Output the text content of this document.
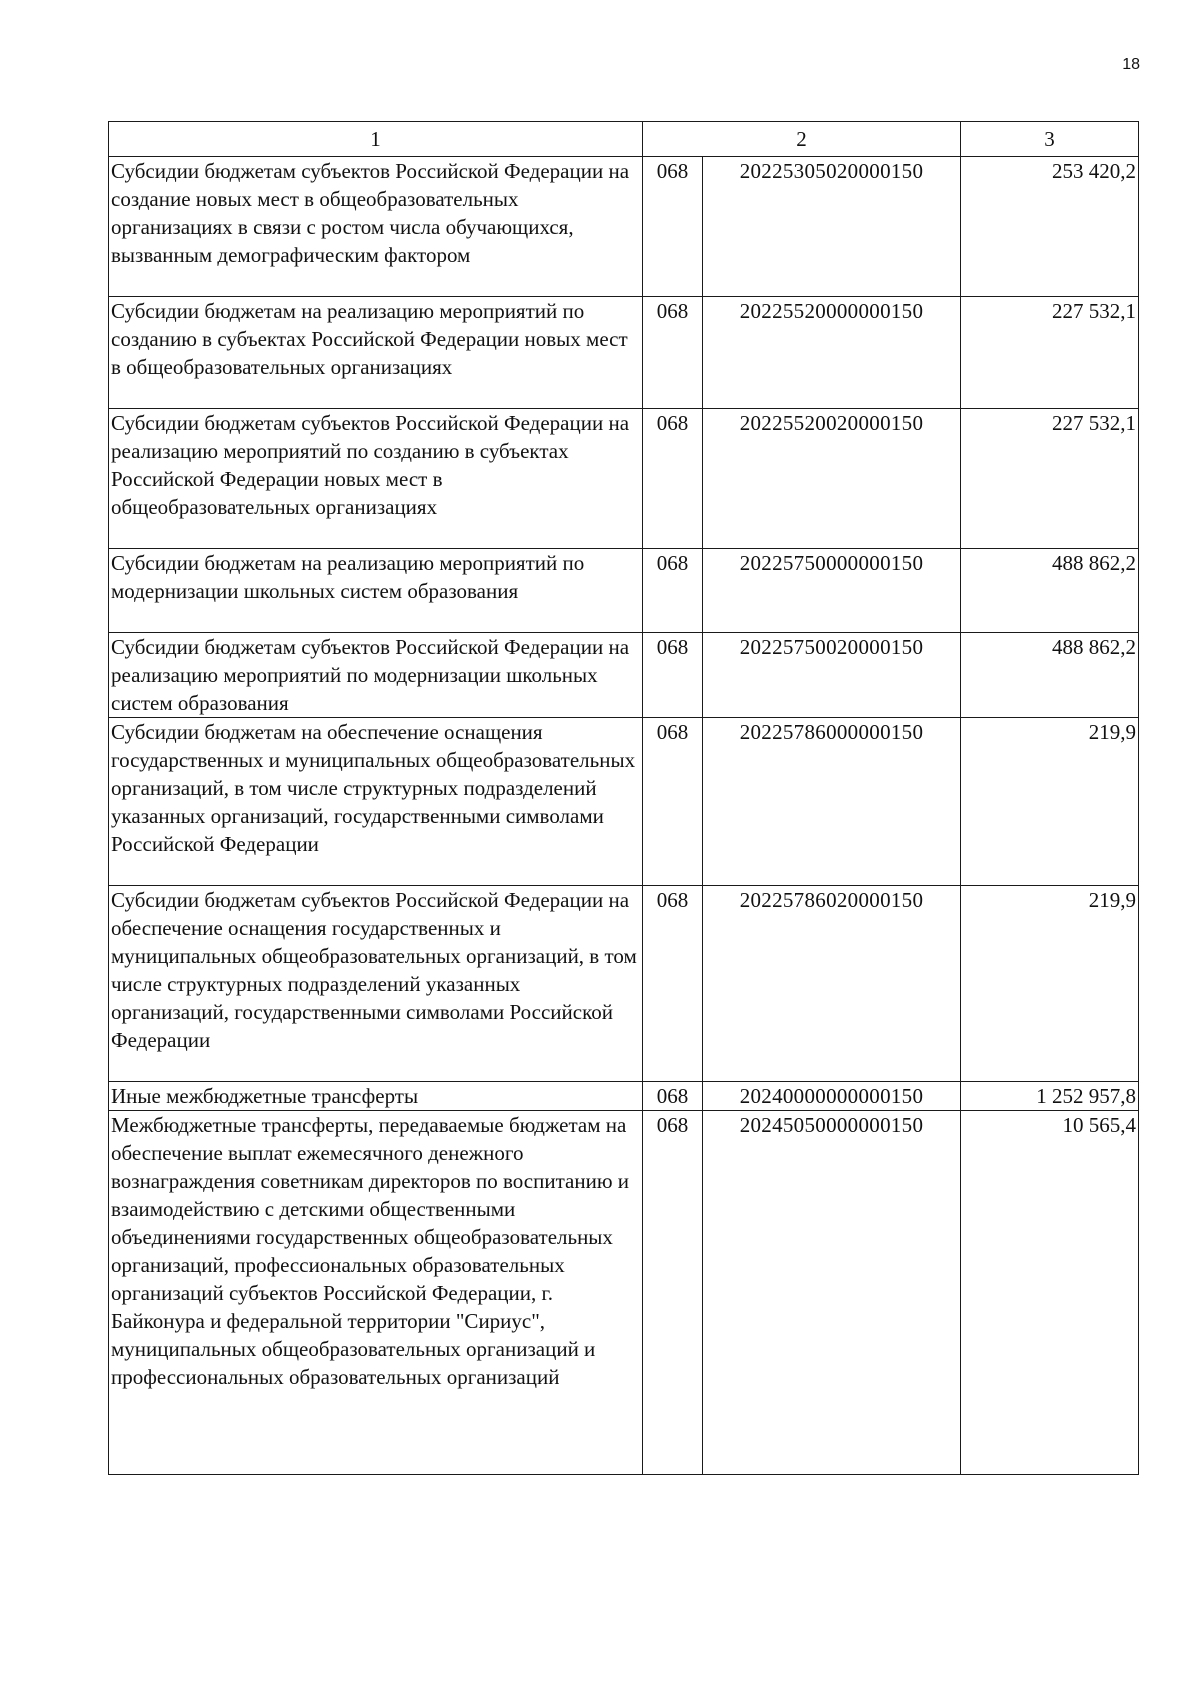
18
1	2		3
Субсидии бюджетам субъектов Российской Федерации на создание новых мест в общеобразовательных организациях в связи с ростом числа обучающихся, вызванным демографическим фактором	068	20225305020000150	253 420,2
Субсидии бюджетам на реализацию мероприятий по созданию в субъектах Российской Федерации новых мест в общеобразовательных организациях	068	20225520000000150	227 532,1
Субсидии бюджетам субъектов Российской Федерации на реализацию мероприятий по созданию в субъектах Российской Федерации новых мест в общеобразовательных организациях	068	20225520020000150	227 532,1
Субсидии бюджетам на реализацию мероприятий по модернизации школьных систем образования	068	20225750000000150	488 862,2
Субсидии бюджетам субъектов Российской Федерации на реализацию мероприятий по модернизации школьных систем образования	068	20225750020000150	488 862,2
Субсидии бюджетам на обеспечение оснащения государственных и муниципальных общеобразовательных организаций, в том числе структурных подразделений указанных организаций, государственными символами Российской Федерации	068	20225786000000150	219,9
Субсидии бюджетам субъектов Российской Федерации на обеспечение оснащения государственных и муниципальных общеобразовательных организаций, в том числе структурных подразделений указанных организаций, государственными символами Российской Федерации	068	20225786020000150	219,9
Иные межбюджетные трансферты	068	20240000000000150	1 252 957,8
Межбюджетные трансферты, передаваемые бюджетам на обеспечение выплат ежемесячного денежного вознаграждения советникам директоров по воспитанию и взаимодействию с детскими общественными объединениями государственных общеобразовательных организаций, профессиональных образовательных организаций субъектов Российской Федерации, г. Байконура и федеральной территории "Сириус", муниципальных общеобразовательных организаций и профессиональных образовательных организаций	068	20245050000000150	10 565,4
